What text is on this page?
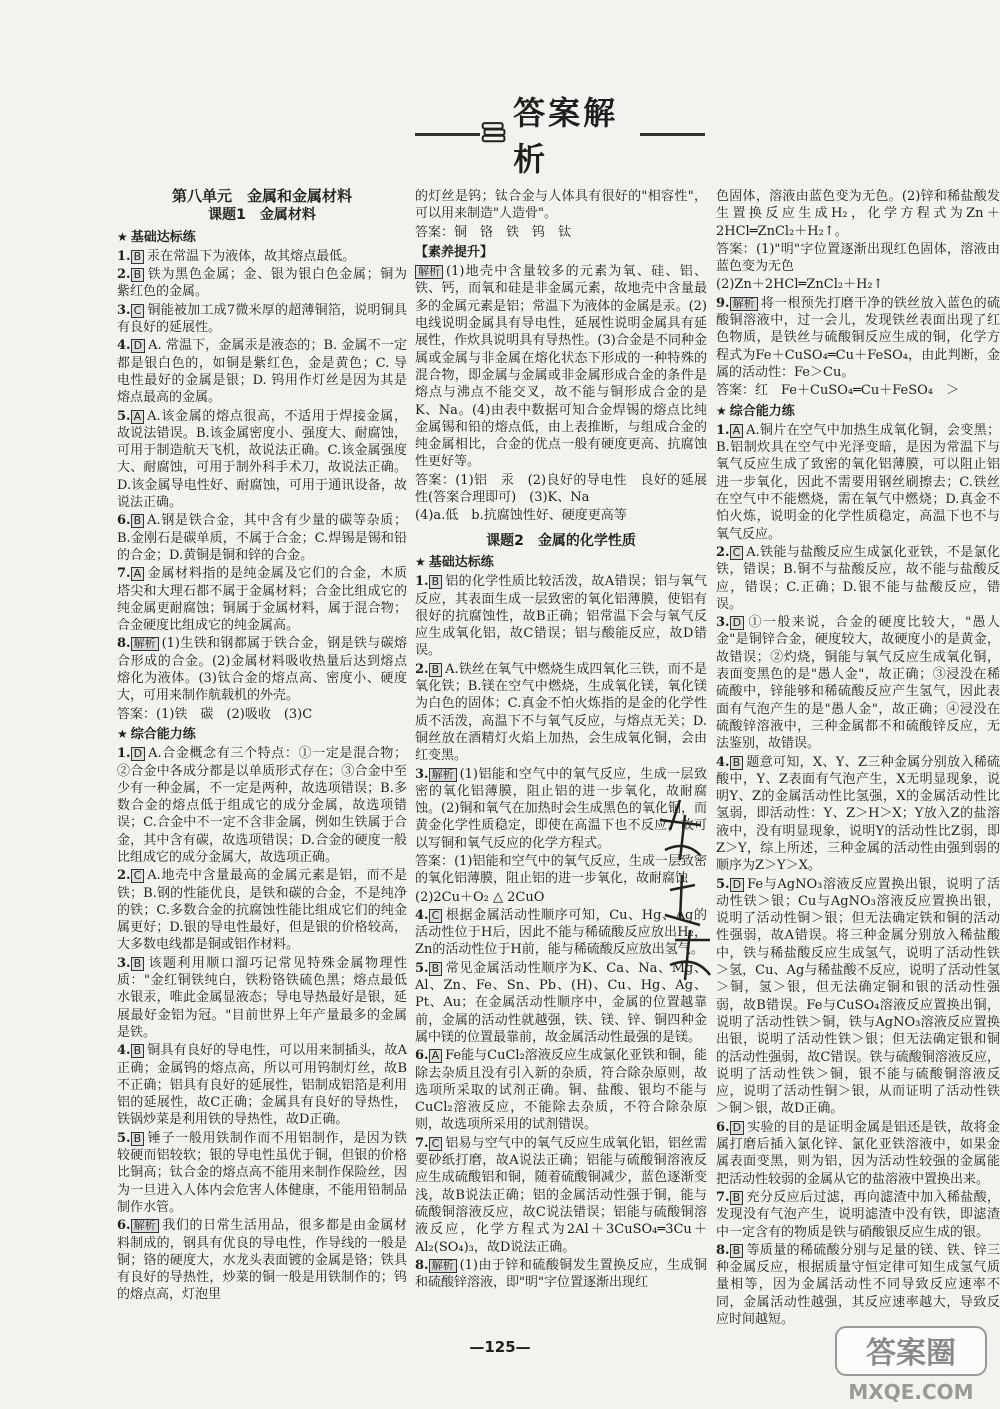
答案解析
第八单元　金属和金属材料
课题1　金属材料
★ 基础达标练
1. B 汞在常温下为液体，故其熔点最低。
2. B 铁为黑色金属；金、银为银白色金属；铜为紫红色的金属。
3. C 铜能被加工成7微米厚的超薄铜箔，说明铜具有良好的延展性。
4. D A. 常温下，金属汞是液态的；B. 金属不一定都是银白色的，如铜是紫红色，金是黄色；C. 导电性最好的金属是银；D. 钨用作灯丝是因为其是熔点最高的金属。
5. A A.该金属的熔点很高，不适用于焊接金属，故说法错误。B.该金属密度小、强度大、耐腐蚀，可用于制造航天飞机，故说法正确。C.该金属强度大、耐腐蚀，可用于制外科手术刀，故说法正确。D.该金属导电性好、耐腐蚀，可用于通讯设备，故说法正确。
6. B A.钢是铁合金，其中含有少量的碳等杂质；B.金刚石是碳单质，不属于合金；C.焊锡是锡和铅的合金；D.黄铜是铜和锌的合金。
7. A 金属材料指的是纯金属及它们的合金，木质塔尖和大理石都不属于金属材料；合金比组成它的纯金属更耐腐蚀；铜属于金属材料，属于混合物；合金硬度比组成它的纯金属高。
8. 解析 (1)生铁和钢都属于铁合金，钢是铁与碳熔合形成的合金。(2)金属材料吸收热量后达到熔点熔化为液体。(3)钛合金的熔点高、密度小、硬度大，可用来制作航载机的外壳。
答案：(1)铁　碳　(2)吸收　(3)C
★ 综合能力练
1. D A.合金概念有三个特点：①一定是混合物；②合金中各成分都是以单质形式存在；③合金中至少有一种金属，不一定是两种，故选项错误；B.多数合金的熔点低于组成它的成分金属，故选项错误；C.合金中不一定不含非金属，例如生铁属于合金，其中含有碳，故选项错误；D.合金的硬度一般比组成它的成分金属大，故选项正确。
2. C A.地壳中含量最高的金属元素是铝，而不是铁；B.钢的性能优良，是铁和碳的合金，不是纯净的铁；C.多数合金的抗腐蚀性能比组成它们的纯金属更好；D.银的导电性最好，但是银的价格较高，大多数电线都是铜或铝作材料。
3. B 该题利用顺口溜巧记常见特殊金属物理性质："金红铜铁纯白，铁粉铬铁硫色黑；熔点最低水银汞，唯此金属显液态；导电导热最好是银，延展最好金铝为冠。"目前世界上年产量最多的金属是铁。
4. B 铜具有良好的导电性，可以用来制插头，故A正确；金属钨的熔点高，所以可用钨制灯丝，故B不正确；铝具有良好的延展性，铝制成铝箔是利用铝的延展性，故C正确；金属具有良好的导热性，铁锅炒菜是利用铁的导热性，故D正确。
5. B 锤子一般用铁制作而不用铝制作，是因为铁较硬而铝较软；银的导电性虽优于铜，但银的价格比铜高；钛合金的熔点高不能用来制作保险丝，因为一旦进入人体内会危害人体健康，不能用铅制品制作水管。
6. 解析 我们的日常生活用品，很多都是由金属材料制成的，钢具有优良的导电性，作导线的一般是铜；铬的硬度大，水龙头表面镀的金属是铬；铁具有良好的导热性，炒菜的铜一般是用铁制作的；钨的熔点高，灯泡里
的灯丝是钨；钛合金与人体具有很好的"相容性"，可以用来制造"人造骨"。
答案：铜　铬　铁　钨　钛
【素养提升】
解析 (1)地壳中含量较多的元素为氧、硅、铝、铁、钙，而氧和硅是非金属元素，故地壳中含量最多的金属元素是铝；常温下为液体的金属是汞。(2)电线说明金属具有导电性，延展性说明金属具有延展性，作炊具说明具有导热性。(3)合金是不同种金属或金属与非金属在熔化状态下形成的一种特殊的混合物，即金属与金属或非金属形成合金的条件是熔点与沸点不能交叉，故不能与铜形成合金的是K、Na。(4)由表中数据可知合金焊锡的熔点比纯金属锡和铅的熔点低，由上表推断，与组成合金的纯金属相比，合金的优点一般有硬度更高、抗腐蚀性更好等。
答案：(1)铝　汞　(2)良好的导电性　良好的延展性(答案合理即可)　(3)K、Na
(4)a.低　b.抗腐蚀性好、硬度更高等
课题2　金属的化学性质
★ 基础达标练
1. B 铝的化学性质比较活泼，故A错误；铝与氧气反应，其表面生成一层致密的氧化铝薄膜，使铝有很好的抗腐蚀性，故B正确；铝常温下会与氧气反应生成氧化铝，故C错误；铝与酸能反应，故D错误。
2. B A.铁丝在氧气中燃烧生成四氧化三铁，而不是氧化铁；B.镁在空气中燃烧，生成氧化镁，氧化镁为白色的固体；C.真金不怕火炼指的是金的化学性质不活泼，高温下不与氧气反应，与熔点无关；D.铜丝放在酒精灯火焰上加热，会生成氧化铜，会由红变黑。
3. 解析 (1)铝能和空气中的氧气反应，生成一层致密的氧化铝薄膜，阻止铝的进一步氧化，故耐腐蚀。(2)铜和氧气在加热时会生成黑色的氧化铜，而黄金化学性质稳定，即使在高温下也不反应，故可以写铜和氧气反应的化学方程式。
答案：(1)铝能和空气中的氧气反应，生成一层致密的氧化铝薄膜，阻止铝的进一步氧化，故耐腐蚀
(2)2Cu＋O₂ △ 2CuO
4. C 根据金属活动性顺序可知，Cu、Hg、Ag的活动性位于H后，因此不能与稀硫酸反应放出H₂，Zn的活动性位于H前，能与稀硫酸反应放出氢气。
5. B 常见金属活动性顺序为K、Ca、Na、Mg、Al、Zn、Fe、Sn、Pb、(H)、Cu、Hg、Ag、Pt、Au；在金属活动性顺序中，金属的位置越靠前，金属的活动性就越强，铁、镁、锌、铜四种金属中镁的位置最靠前，故金属活动性最强的是镁。
6. A Fe能与CuCl₂溶液反应生成氯化亚铁和铜，能除去杂质且没有引入新的杂质，符合除杂原则，故选项所采取的试剂正确。铜、盐酸、银均不能与CuCl₂溶液反应，不能除去杂质，不符合除杂原则，故选项所采用的试剂错误。
7. C 铝易与空气中的氧气反应生成氧化铝，铝丝需要砂纸打磨，故A说法正确；铝能与硫酸铜溶液反应生成硫酸铝和铜，随着硫酸铜减少，蓝色逐渐变浅，故B说法正确；铝的金属活动性强于铜，能与硫酸铜溶液反应，故C说法错误；铝能与硫酸铜溶液反应，化学方程式为2Al＋3CuSO₄═3Cu＋Al₂(SO₄)₃，故D说法正确。
8. 解析 (1)由于锌和硫酸铜发生置换反应，生成铜和硫酸锌溶液，即"明"字位置逐渐出现红
色固体，溶液由蓝色变为无色。(2)锌和稀盐酸发生置换反应生成H₂，化学方程式为Zn＋2HCl═ZnCl₂＋H₂↑。
答案：(1)"明"字位置逐渐出现红色固体，溶液由蓝色变为无色
(2)Zn＋2HCl═ZnCl₂＋H₂↑
9. 解析 将一根预先打磨干净的铁丝放入蓝色的硫酸铜溶液中，过一会儿，发现铁丝表面出现了红色物质，是铁丝与硫酸铜反应生成的铜，化学方程式为Fe＋CuSO₄═Cu＋FeSO₄，由此判断，金属的活动性：Fe＞Cu。
答案：红　Fe＋CuSO₄═Cu＋FeSO₄　＞
★ 综合能力练
1. A A.铜片在空气中加热生成氧化铜，会变黑；B.铝制炊具在空气中光泽变暗，是因为常温下与氧气反应生成了致密的氧化铝薄膜，可以阻止铝进一步氧化，因此不需要用钢丝刷擦去；C.铁丝在空气中不能燃烧，需在氧气中燃烧；D.真金不怕火炼，说明金的化学性质稳定，高温下也不与氧气反应。
2. C A.铁能与盐酸反应生成氯化亚铁，不是氯化铁，错误；B.铜不与盐酸反应，故不能与盐酸反应，错误；C.正确；D.银不能与盐酸反应，错误。
3. D ①一般来说，合金的硬度比较大，"愚人金"是铜锌合金，硬度较大，故硬度小的是黄金，故错误；②灼烧，铜能与氧气反应生成氧化铜，表面变黑色的是"愚人金"，故正确；③浸没在稀硫酸中，锌能够和稀硫酸反应产生氢气，因此表面有气泡产生的是"愚人金"，故正确；④浸没在硫酸锌溶液中，三种金属都不和硫酸锌反应，无法鉴别，故错误。
4. B 题意可知，X、Y、Z三种金属分别放入稀硫酸中，Y、Z表面有气泡产生，X无明显现象，说明Y、Z的金属活动性比氢强，X的金属活动性比氢弱，即活动性：Y、Z＞H＞X；Y放入Z的盐溶液中，没有明显现象，说明Y的活动性比Z弱，即Z＞Y，综上所述，三种金属的活动性由强到弱的顺序为Z＞Y＞X。
5. D Fe与AgNO₃溶液反应置换出银，说明了活动性铁＞银；Cu与AgNO₃溶液反应置换出银，说明了活动性铜＞银；但无法确定铁和铜的活动性强弱，故A错误。将三种金属分别放入稀盐酸中，铁与稀盐酸反应生成氢气，说明了活动性铁＞氢，Cu、Ag与稀盐酸不反应，说明了活动性氢＞铜，氢＞银，但无法确定铜和银的活动性强弱，故B错误。Fe与CuSO₄溶液反应置换出铜，说明了活动性铁＞铜，铁与AgNO₃溶液反应置换出银，说明了活动性铁＞银；但无法确定银和铜的活动性强弱，故C错误。铁与硫酸铜溶液反应，说明了活动性铁＞铜，银不能与硫酸铜溶液反应，说明了活动性铜＞银，从而证明了活动性铁＞铜＞银，故D正确。
6. D 实验的目的是证明金属是铝还是铁，故将金属打磨后插入氯化锌、氯化亚铁溶液中，如果金属表面变黑，则为铝，因为活动性较强的金属能把活动性较弱的金属从它的盐溶液中置换出来。
7. B 充分反应后过滤，再向滤渣中加入稀盐酸，发现没有气泡产生，说明滤渣中没有铁，即滤渣中一定含有的物质是铁与硝酸银反应生成的银。
8. B 等质量的稀硫酸分别与足量的镁、铁、锌三种金属反应，根据质量守恒定律可知生成氢气质量相等，因为金属活动性不同导致反应速率不同，金属活动性越强，其反应速率越大，导致反应时间越短。
答案圈
MXQE.COM
—125—
